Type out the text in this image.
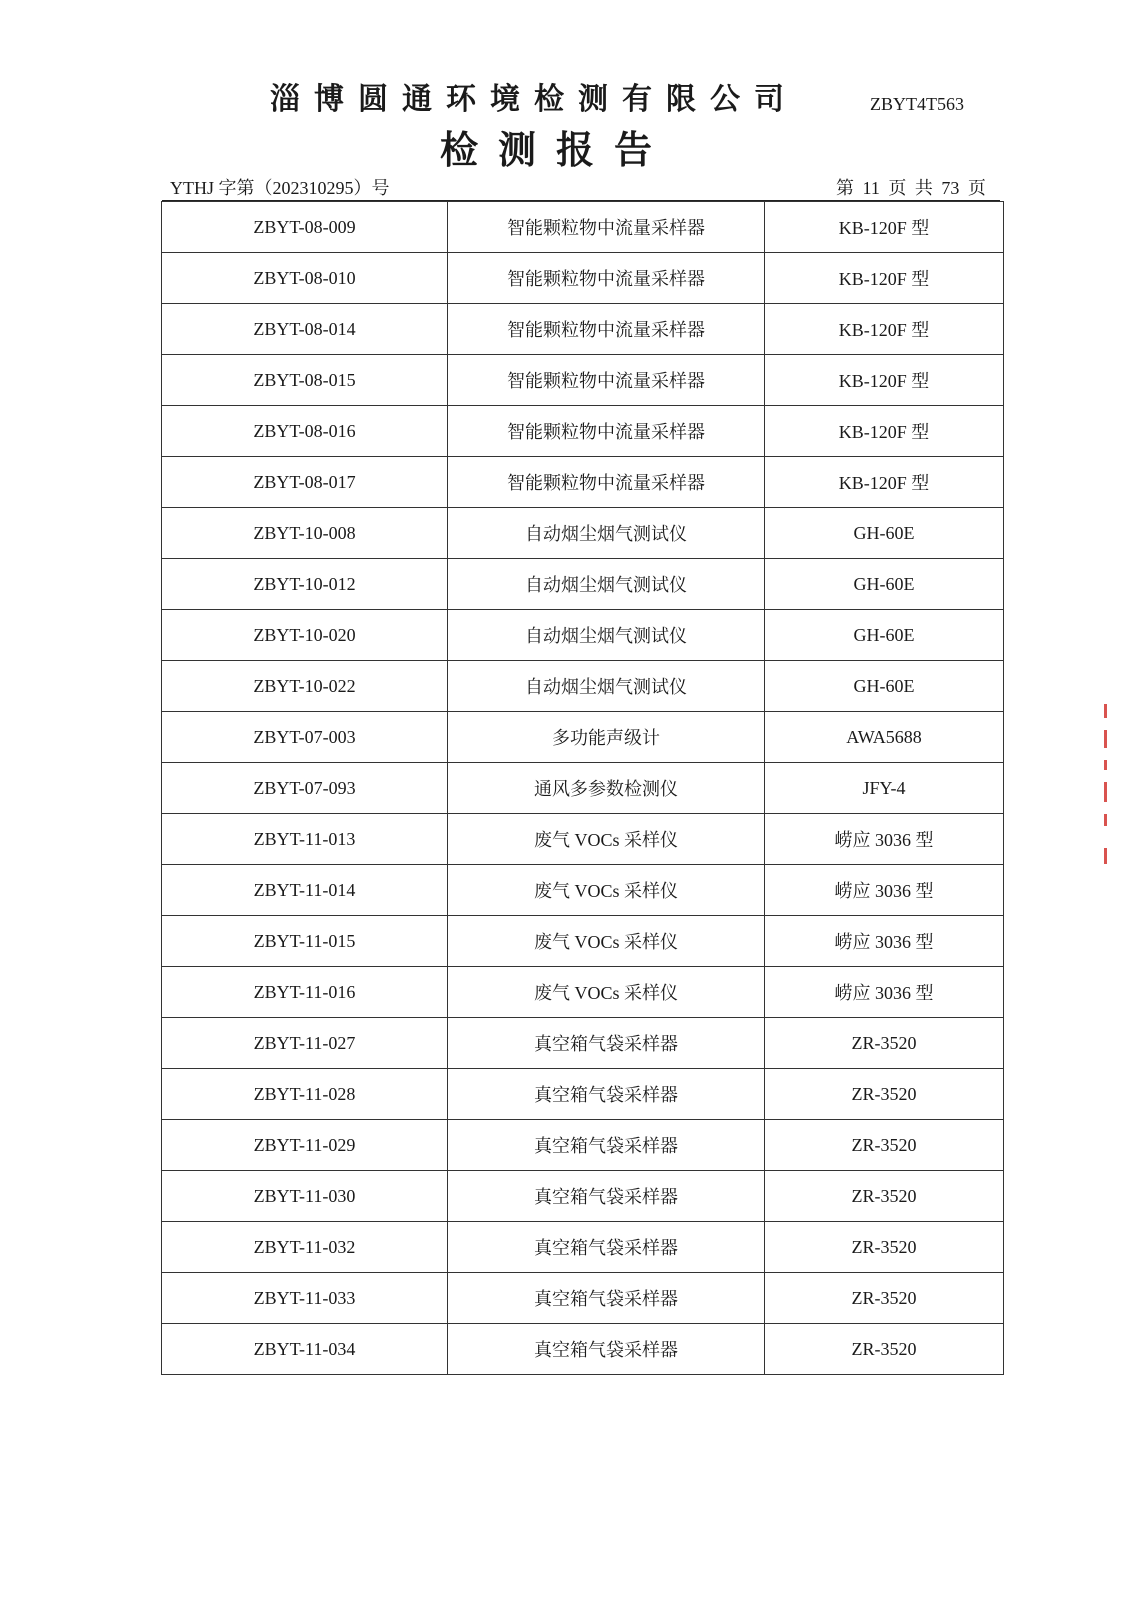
淄博圆通环境检测有限公司	ZBYT4T563
检测报告
YTHJ 字第（202310295）号	第 11 页 共 73 页
ZBYT-08-009	智能颗粒物中流量采样器	KB-120F 型
ZBYT-08-010	智能颗粒物中流量采样器	KB-120F 型
ZBYT-08-014	智能颗粒物中流量采样器	KB-120F 型
ZBYT-08-015	智能颗粒物中流量采样器	KB-120F 型
ZBYT-08-016	智能颗粒物中流量采样器	KB-120F 型
ZBYT-08-017	智能颗粒物中流量采样器	KB-120F 型
ZBYT-10-008	自动烟尘烟气测试仪	GH-60E
ZBYT-10-012	自动烟尘烟气测试仪	GH-60E
ZBYT-10-020	自动烟尘烟气测试仪	GH-60E
ZBYT-10-022	自动烟尘烟气测试仪	GH-60E
ZBYT-07-003	多功能声级计	AWA5688
ZBYT-07-093	通风多参数检测仪	JFY-4
ZBYT-11-013	废气 VOCs 采样仪	崂应 3036 型
ZBYT-11-014	废气 VOCs 采样仪	崂应 3036 型
ZBYT-11-015	废气 VOCs 采样仪	崂应 3036 型
ZBYT-11-016	废气 VOCs 采样仪	崂应 3036 型
ZBYT-11-027	真空箱气袋采样器	ZR-3520
ZBYT-11-028	真空箱气袋采样器	ZR-3520
ZBYT-11-029	真空箱气袋采样器	ZR-3520
ZBYT-11-030	真空箱气袋采样器	ZR-3520
ZBYT-11-032	真空箱气袋采样器	ZR-3520
ZBYT-11-033	真空箱气袋采样器	ZR-3520
ZBYT-11-034	真空箱气袋采样器	ZR-3520
